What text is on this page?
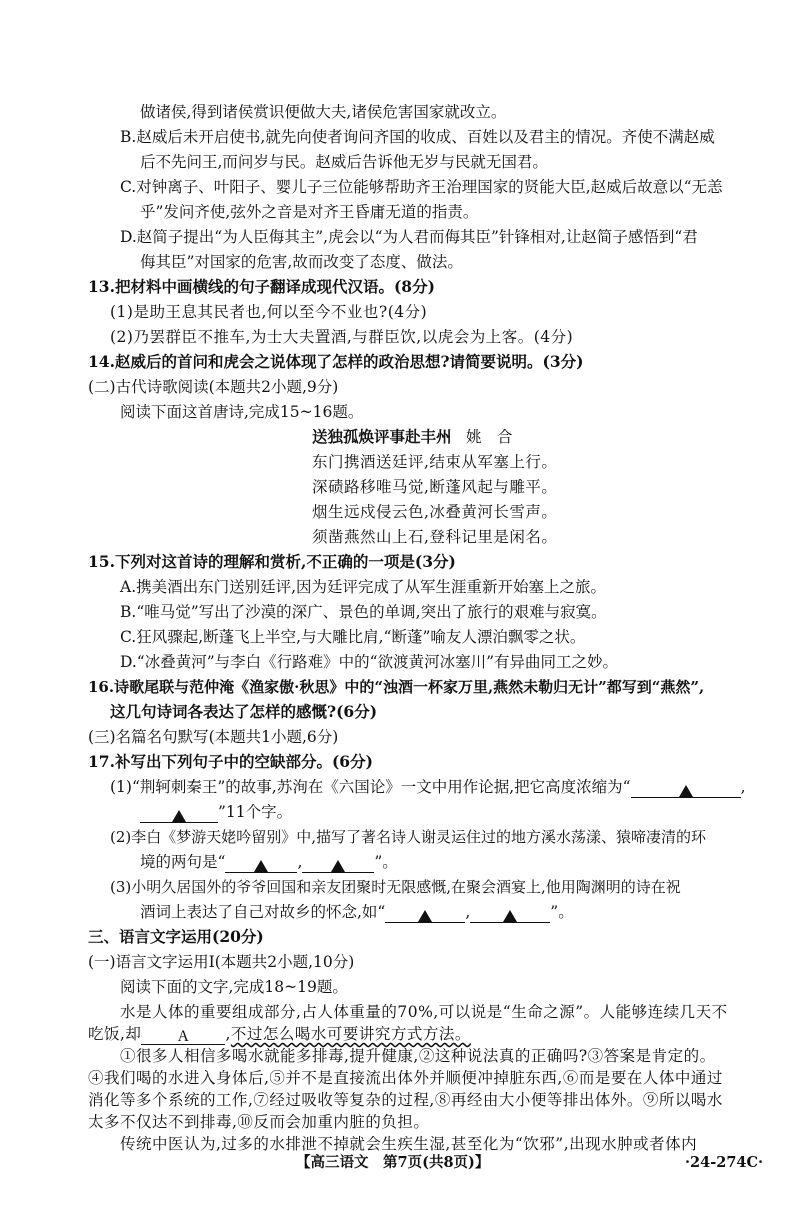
做诸侯,得到诸侯赏识便做大夫,诸侯危害国家就改立。
B.赵威后未开启使书,就先向使者询问齐国的收成、百姓以及君主的情况。齐使不满赵威
后不先问王,而问岁与民。赵威后告诉他无岁与民就无国君。
C.对钟离子、叶阳子、婴儿子三位能够帮助齐王治理国家的贤能大臣,赵威后故意以“无恙
乎”发问齐使,弦外之音是对齐王昏庸无道的指责。
D.赵简子提出“为人臣侮其主”,虎会以“为人君而侮其臣”针锋相对,让赵简子感悟到“君
侮其臣”对国家的危害,故而改变了态度、做法。
13.把材料中画横线的句子翻译成现代汉语。(8分)
(1)是助王息其民者也,何以至今不业也?(4分)
(2)乃罢群臣不推车,为士大夫置酒,与群臣饮,以虎会为上客。(4分)
14.赵威后的首问和虎会之说体现了怎样的政治思想?请简要说明。(3分)
(二)古代诗歌阅读(本题共2小题,9分)
阅读下面这首唐诗,完成15~16题。
送独孤焕评事赴丰州 姚　合
东门携酒送廷评,结束从军塞上行。
深碛路移唯马觉,断蓬风起与雕平。
烟生远戍侵云色,冰叠黄河长雪声。
须凿燕然山上石,登科记里是闲名。
15.下列对这首诗的理解和赏析,不正确的一项是(3分)
A.携美酒出东门送别廷评,因为廷评完成了从军生涯重新开始塞上之旅。
B.“唯马觉”写出了沙漠的深广、景色的单调,突出了旅行的艰难与寂寞。
C.狂风骤起,断蓬飞上半空,与大雕比肩,“断蓬”喻友人漂泊飘零之状。
D.“冰叠黄河”与李白《行路难》中的“欲渡黄河冰塞川”有异曲同工之妙。
16.诗歌尾联与范仲淹《渔家傲·秋思》中的“浊酒一杯家万里,燕然未勒归无计”都写到“燕然”,
这几句诗词各表达了怎样的感慨?(6分)
(三)名篇名句默写(本题共1小题,6分)
17.补写出下列句子中的空缺部分。(6分)
(1)“荆轲刺秦王”的故事,苏洵在《六国论》一文中用作论据,把它高度浓缩为“	,
”11个字。
(2)李白《梦游天姥吟留别》中,描写了著名诗人谢灵运住过的地方溪水荡漾、猿啼凄清的环
境的两句是“	,	”。
(3)小明久居国外的爷爷回国和亲友团聚时无限感慨,在聚会酒宴上,他用陶渊明的诗在祝
酒词上表达了自己对故乡的怀念,如“	,	”。
三、语言文字运用(20分)
(一)语言文字运用Ⅰ(本题共2小题,10分)
阅读下面的文字,完成18~19题。
水是人体的重要组成部分,占人体重量的70%,可以说是“生命之源”。人能够连续几天不
吃饭,却 A ,不过怎么喝水可要讲究方式方法。
①很多人相信多喝水就能多排毒,提升健康,②这种说法真的正确吗?③答案是肯定的。
④我们喝的水进入身体后,⑤并不是直接流出体外并顺便冲掉脏东西,⑥而是要在人体中通过
消化等多个系统的工作,⑦经过吸收等复杂的过程,⑧再经由大小便等排出体外。⑨所以喝水
太多不仅达不到排毒,⑩反而会加重内脏的负担。
传统中医认为,过多的水排泄不掉就会生疾生湿,甚至化为“饮邪”,出现水肿或者体内
【高三语文　第7页(共8页)】	·24-274C·
